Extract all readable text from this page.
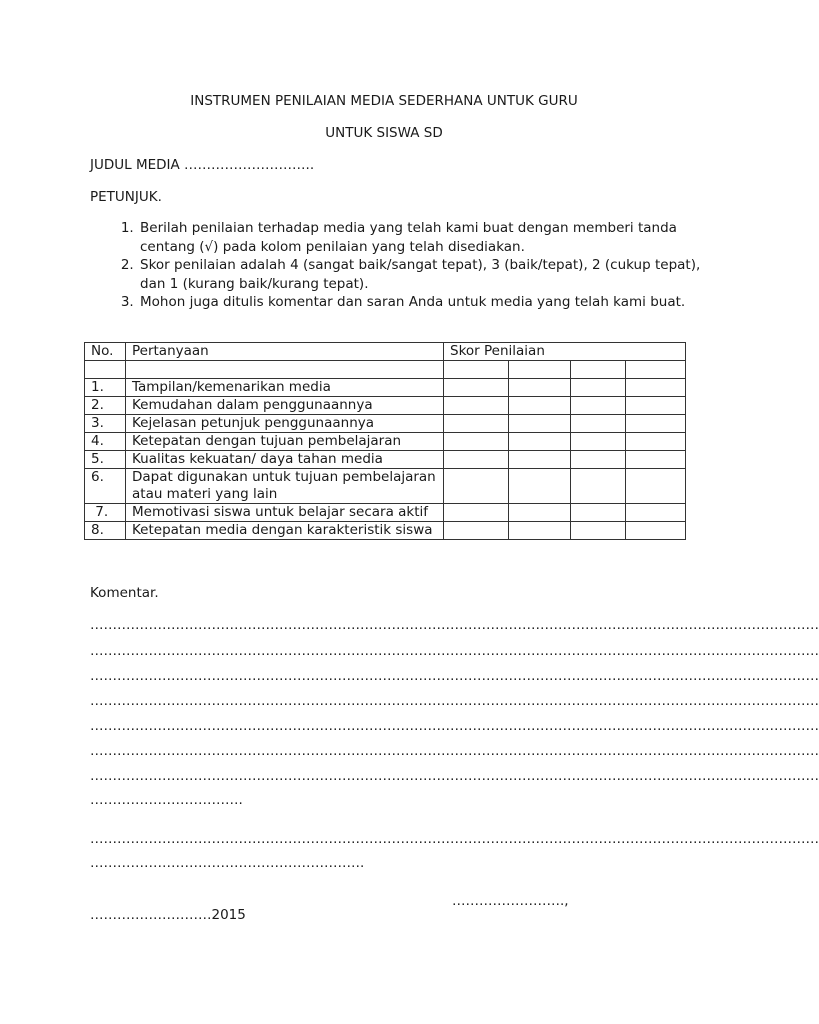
INSTRUMEN PENILAIAN MEDIA SEDERHANA UNTUK GURU
UNTUK SISWA SD
JUDUL MEDIA ………………………..
PETUNJUK.
1. Berilah penilaian terhadap media yang telah kami buat dengan memberi tanda centang (√) pada kolom penilaian yang telah disediakan.
2. Skor penilaian adalah 4 (sangat baik/sangat tepat), 3 (baik/tepat), 2 (cukup tepat), dan 1 (kurang baik/kurang tepat).
3. Mohon juga ditulis komentar dan saran Anda untuk media yang telah kami buat.
No.	Pertanyaan	Skor Penilaian			

1.	Tampilan/kemenarikan media				
2.	Kemudahan dalam penggunaannya				
3.	Kejelasan petunjuk penggunaannya				
4.	Ketepatan dengan tujuan pembelajaran				
5.	Kualitas kekuatan/ daya tahan media				
6.	Dapat digunakan untuk tujuan pembelajaran atau materi yang lain				
7.	Memotivasi siswa untuk belajar secara aktif				
8.	Ketepatan media dengan karakteristik siswa				
Komentar.
………………………………………………………………………………………………………………………………………………
………………………………………………………………………………………………………………………………………………
………………………………………………………………………………………………………………………………………………
………………………………………………………………………………………………………………………………………………
………………………………………………………………………………………………………………………………………………
………………………………………………………………………………………………………………………………………………
………………………………………………………………………………………………………………………………………………
…………………………….
………………………………………………………………………………………………………………………………………………
…………………………………………………….
…………………….,
………………………2015
